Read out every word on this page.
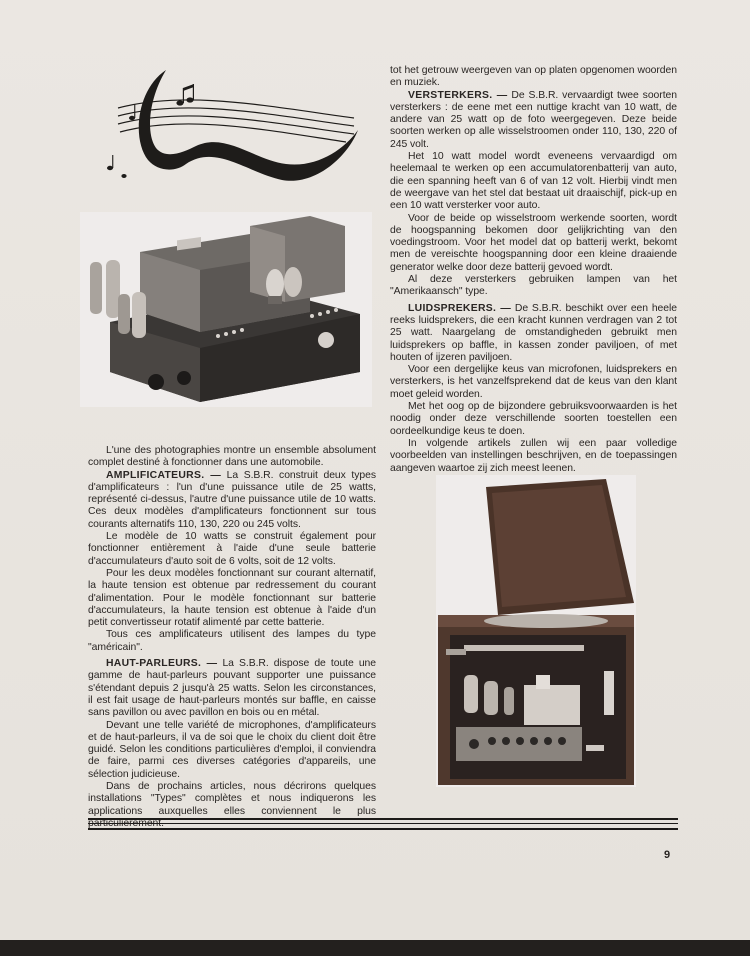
L'une des photographies montre un ensemble absolument complet destiné à fonctionner dans une automobile.

AMPLIFICATEURS. — La S.B.R. construit deux types d'amplificateurs : l'un d'une puissance utile de 25 watts, représenté ci-dessus, l'autre d'une puissance utile de 10 watts. Ces deux modèles d'amplificateurs fonctionnent sur tous courants alternatifs 110, 130, 220 ou 245 volts.

Le modèle de 10 watts se construit également pour fonctionner entièrement à l'aide d'une seule batterie d'accumulateurs d'auto soit de 6 volts, soit de 12 volts.

Pour les deux modèles fonctionnant sur courant alternatif, la haute tension est obtenue par redressement du courant d'alimentation. Pour le modèle fonctionnant sur batterie d'accumulateurs, la haute tension est obtenue à l'aide d'un petit convertisseur rotatif alimenté par cette batterie.

Tous ces amplificateurs utilisent des lampes du type "américain".

HAUT-PARLEURS. — La S.B.R. dispose de toute une gamme de haut-parleurs pouvant supporter une puissance s'étendant depuis 2 jusqu'à 25 watts. Selon les circonstances, il est fait usage de haut-parleurs montés sur baffle, en caisse sans pavillon ou avec pavillon en bois ou en métal.

Devant une telle variété de microphones, d'amplificateurs et de haut-parleurs, il va de soi que le choix du client doit être guidé. Selon les conditions particulières d'emploi, il conviendra de faire, parmi ces diverses catégories d'appareils, une sélection judicieuse.

Dans de prochains articles, nous décrirons quelques installations "Types" complètes et nous indiquerons les applications auxquelles elles conviennent le plus

tot het getrouw weergeven van op platen opgenomen woorden en muziek.

VERSTERKERS. — De S.B.R. vervaardigt twee soorten versterkers : de eene met een nuttige kracht van 10 watt, de andere van 25 watt op de foto weergegeven. Deze beide soorten werken op alle wisselstroomen onder 110, 130, 220 of 245 volt.

Het 10 watt model wordt eveneens vervaardigd om heelemaal te werken op een accumulatorenbatterij van auto, die een spanning heeft van 6 of van 12 volt. Hierbij vindt men de weergave van het stel dat bestaat uit draaischijf, pick-up en een 10 watt versterker voor auto.

Voor de beide op wisselstroom werkende soorten, wordt de hoogspanning bekomen door gelijkrichting van den voedingstroom. Voor het model dat op batterij werkt, bekomt men de vereischte hoogspanning door een kleine draaiende generator welke door deze batterij gevoed wordt.

Al deze versterkers gebruiken lampen van het "Amerikaansch" type.

LUIDSPREKERS. — De S.B.R. beschikt over een heele reeks luidsprekers, die een kracht kunnen verdragen van 2 tot 25 watt. Naargelang de omstandigheden gebruikt men luidsprekers op baffle, in kassen zonder paviljoen, of met houten of ijzeren paviljoen.

Voor een dergelijke keus van microfonen, luidsprekers en versterkers, is het vanzelfsprekend dat de keus van den klant moet geleid worden.

Met het oog op de bijzondere gebruiksvoorwaarden is het noodig onder deze verschillende soorten toestellen een oordeelkundige keus te doen.

In volgende artikels zullen wij een paar volledige voorbeelden van instellingen beschrijven, en de toepassingen aangeven waartoe zij zich meest leenen.

9
